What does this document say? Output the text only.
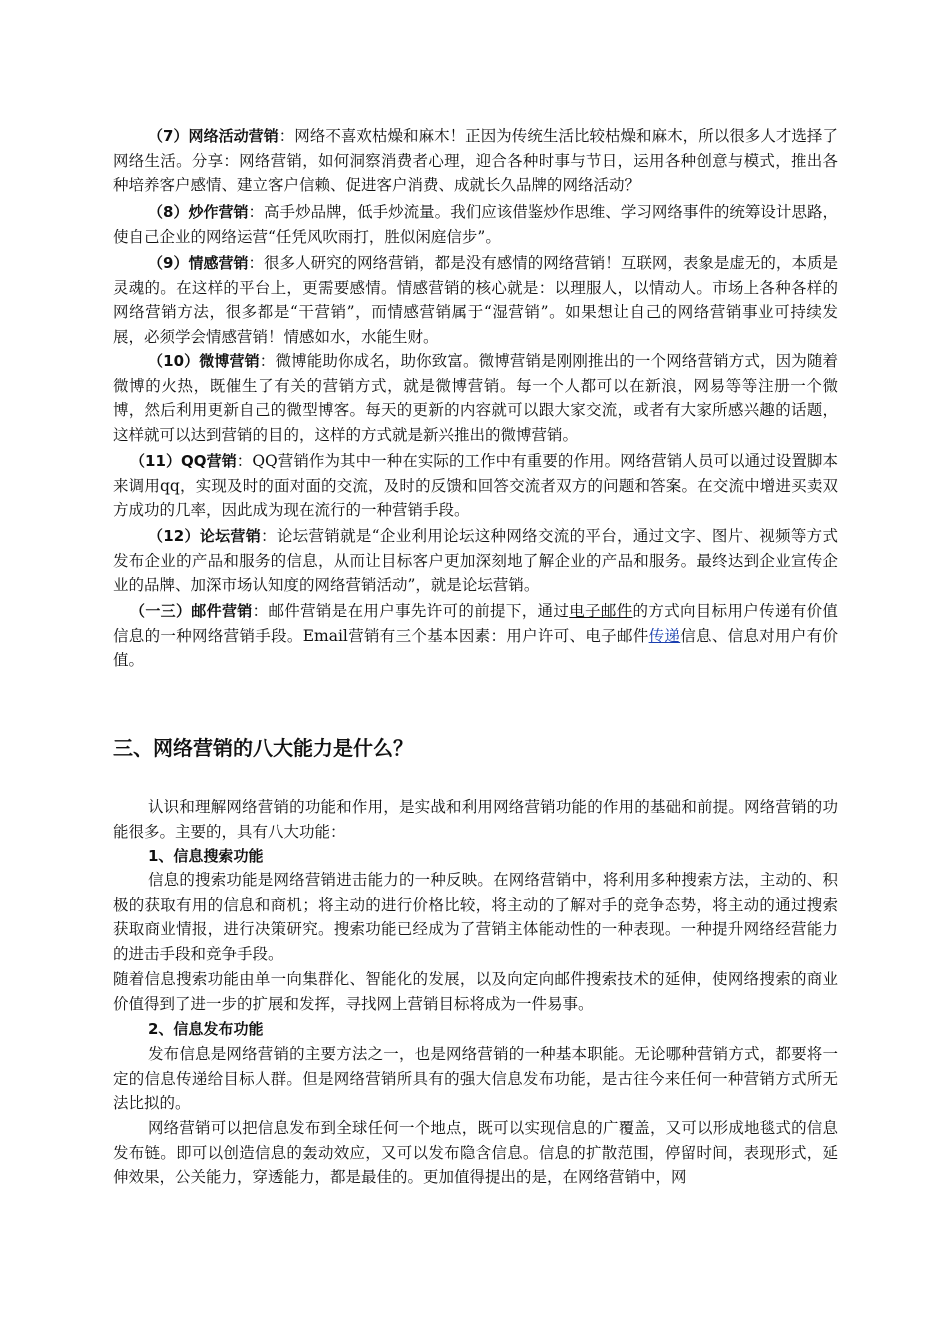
（7）网络活动营销：网络不喜欢枯燥和麻木！正因为传统生活比较枯燥和麻木，所以很多人才选择了网络生活。分享：网络营销，如何洞察消费者心理，迎合各种时事与节日，运用各种创意与模式，推出各种培养客户感情、建立客户信赖、促进客户消费、成就长久品牌的网络活动？

（8）炒作营销：高手炒品牌，低手炒流量。我们应该借鉴炒作思维、学习网络事件的统筹设计思路，使自己企业的网络运营“任凭风吹雨打，胜似闲庭信步”。

（9）情感营销：很多人研究的网络营销，都是没有感情的网络营销！互联网，表象是虚无的，本质是灵魂的。在这样的平台上，更需要感情。情感营销的核心就是：以理服人，以情动人。市场上各种各样的网络营销方法，很多都是“干营销”，而情感营销属于“湿营销”。如果想让自己的网络营销事业可持续发展，必须学会情感营销！情感如水，水能生财。

（10）微博营销：微博能助你成名，助你致富。微博营销是刚刚推出的一个网络营销方式，因为随着微博的火热，既催生了有关的营销方式，就是微博营销。每一个人都可以在新浪，网易等等注册一个微博，然后利用更新自己的微型博客。每天的更新的内容就可以跟大家交流，或者有大家所感兴趣的话题，这样就可以达到营销的目的，这样的方式就是新兴推出的微博营销。

（11）QQ营销：QQ营销作为其中一种在实际的工作中有重要的作用。网络营销人员可以通过设置脚本来调用qq，实现及时的面对面的交流，及时的反馈和回答交流者双方的问题和答案。在交流中增进买卖双方成功的几率，因此成为现在流行的一种营销手段。

（12）论坛营销：论坛营销就是“企业利用论坛这种网络交流的平台，通过文字、图片、视频等方式发布企业的产品和服务的信息，从而让目标客户更加深刻地了解企业的产品和服务。最终达到企业宣传企业的品牌、加深市场认知度的网络营销活动”，就是论坛营销。

（一三）邮件营销：邮件营销是在用户事先许可的前提下，通过电子邮件的方式向目标用户传递有价值信息的一种网络营销手段。Email营销有三个基本因素：用户许可、电子邮件传递信息、信息对用户有价值。

三、网络营销的八大能力是什么？

认识和理解网络营销的功能和作用，是实战和利用网络营销功能的作用的基础和前提。网络营销的功能很多。主要的，具有八大功能：

1、信息搜索功能

信息的搜索功能是网络营销进击能力的一种反映。在网络营销中，将利用多种搜索方法，主动的、积极的获取有用的信息和商机；将主动的进行价格比较，将主动的了解对手的竞争态势，将主动的通过搜索获取商业情报，进行决策研究。搜索功能已经成为了营销主体能动性的一种表现。一种提升网络经营能力的进击手段和竞争手段。

随着信息搜索功能由单一向集群化、智能化的发展，以及向定向邮件搜索技术的延伸，使网络搜索的商业价值得到了进一步的扩展和发挥，寻找网上营销目标将成为一件易事。

2、信息发布功能

发布信息是网络营销的主要方法之一，也是网络营销的一种基本职能。无论哪种营销方式，都要将一定的信息传递给目标人群。但是网络营销所具有的强大信息发布功能，是古往今来任何一种营销方式所无法比拟的。

网络营销可以把信息发布到全球任何一个地点，既可以实现信息的广覆盖，又可以形成地毯式的信息发布链。即可以创造信息的轰动效应，又可以发布隐含信息。信息的扩散范围，停留时间，表现形式，延伸效果，公关能力，穿透能力，都是最佳的。更加值得提出的是，在网络营销中，网
